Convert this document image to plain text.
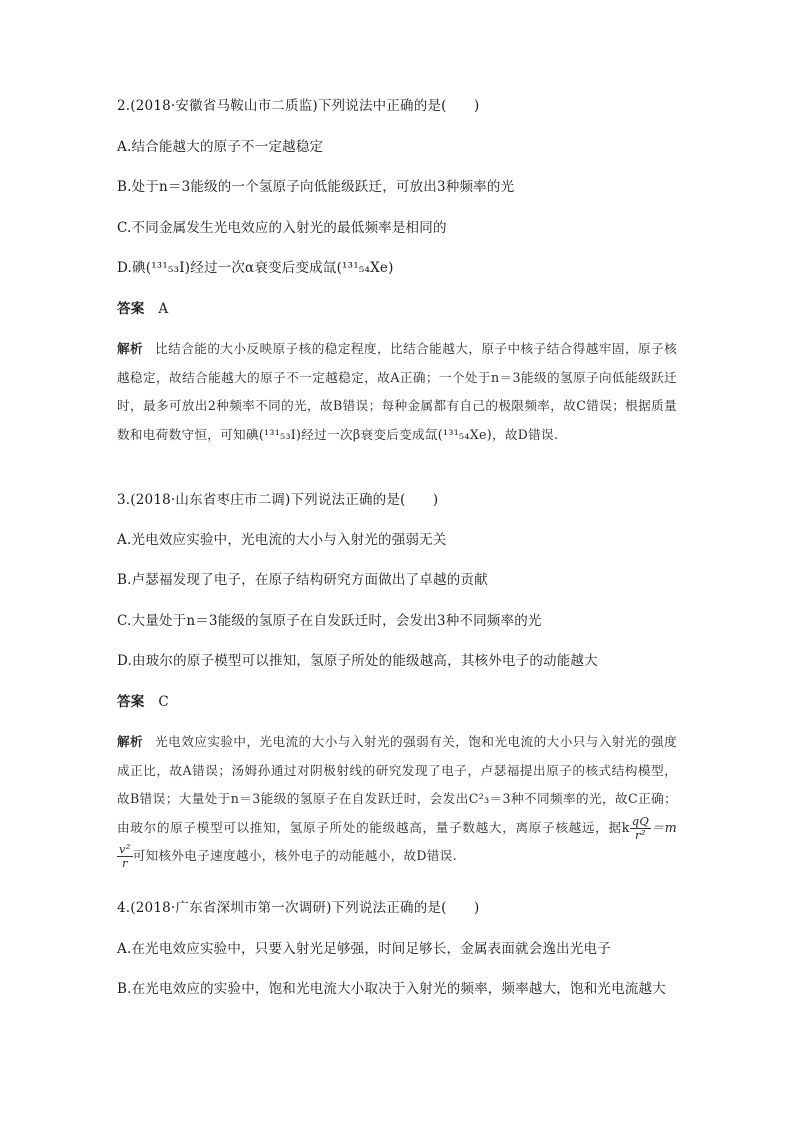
2.(2018·安徽省马鞍山市二质监)下列说法中正确的是(　　)
A.结合能越大的原子不一定越稳定
B.处于n＝3能级的一个氢原子向低能级跃迁，可放出3种频率的光
C.不同金属发生光电效应的入射光的最低频率是相同的
D.碘(¹³¹₅₃I)经过一次α衰变后变成氙(¹³¹₅₄Xe)
答案 A
解析 比结合能的大小反映原子核的稳定程度，比结合能越大，原子中核子结合得越牢固，原子核越稳定，故结合能越大的原子不一定越稳定，故A正确；一个处于n＝3能级的氢原子向低能级跃迁时，最多可放出2种频率不同的光，故B错误；每种金属都有自己的极限频率，故C错误；根据质量数和电荷数守恒，可知碘(¹³¹₅₃I)经过一次β衰变后变成氙(¹³¹₅₄Xe)，故D错误.
3.(2018·山东省枣庄市二调)下列说法正确的是(　　)
A.光电效应实验中，光电流的大小与入射光的强弱无关
B.卢瑟福发现了电子，在原子结构研究方面做出了卓越的贡献
C.大量处于n＝3能级的氢原子在自发跃迁时，会发出3种不同频率的光
D.由玻尔的原子模型可以推知，氢原子所处的能级越高，其核外电子的动能越大
答案 C
解析 光电效应实验中，光电流的大小与入射光的强弱有关，饱和光电流的大小只与入射光的强度成正比，故A错误；汤姆孙通过对阴极射线的研究发现了电子，卢瑟福提出原子的核式结构模型，故B错误；大量处于n＝3能级的氢原子在自发跃迁时，会发出C²₃＝3种不同频率的光，故C正确；由玻尔的原子模型可以推知，氢原子所处的能级越高，量子数越大，离原子核越远，据k $\frac{qQ}{\text{r²}} =m$
$\frac{\text{v²}}{r}$ 可知核外电子速度越小，核外电子的动能越小，故D错误.
4.(2018·广东省深圳市第一次调研)下列说法正确的是(　　)
A.在光电效应实验中，只要入射光足够强，时间足够长，金属表面就会逸出光电子
B.在光电效应的实验中，饱和光电流大小取决于入射光的频率，频率越大，饱和光电流越大
